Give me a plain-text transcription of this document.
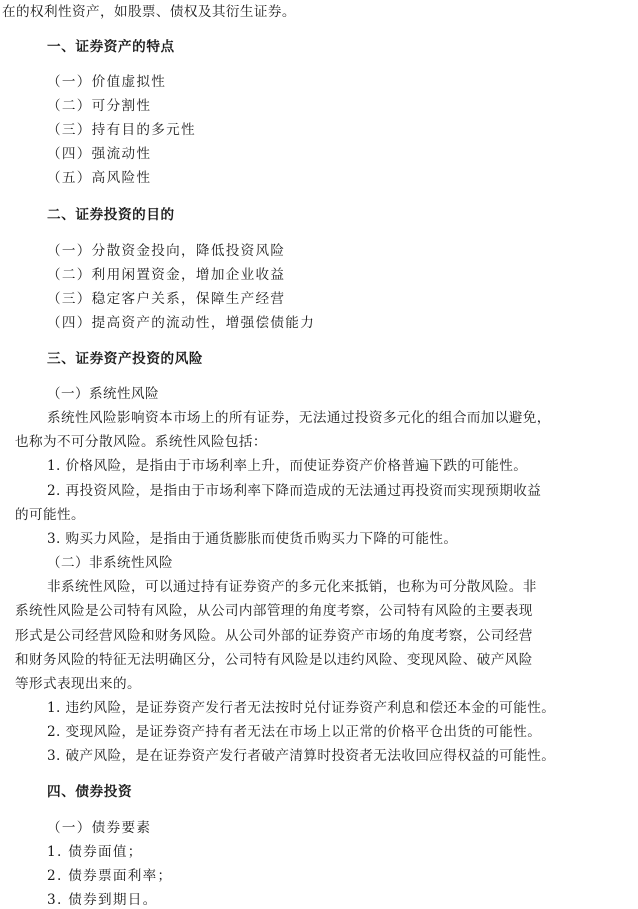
在的权利性资产，如股票、债权及其衍生证券。
一、证券资产的特点
（一）价值虚拟性
（二）可分割性
（三）持有目的多元性
（四）强流动性
（五）高风险性
二、证券投资的目的
（一）分散资金投向，降低投资风险
（二）利用闲置资金，增加企业收益
（三）稳定客户关系，保障生产经营
（四）提高资产的流动性，增强偿债能力
三、证券资产投资的风险
（一）系统性风险
系统性风险影响资本市场上的所有证券，无法通过投资多元化的组合而加以避免，
也称为不可分散风险。系统性风险包括：
1. 价格风险，是指由于市场利率上升，而使证券资产价格普遍下跌的可能性。
2. 再投资风险，是指由于市场利率下降而造成的无法通过再投资而实现预期收益
的可能性。
3. 购买力风险，是指由于通货膨胀而使货币购买力下降的可能性。
（二）非系统性风险
非系统性风险，可以通过持有证券资产的多元化来抵销，也称为可分散风险。非
系统性风险是公司特有风险，从公司内部管理的角度考察，公司特有风险的主要表现
形式是公司经营风险和财务风险。从公司外部的证券资产市场的角度考察，公司经营
和财务风险的特征无法明确区分，公司特有风险是以违约风险、变现风险、破产风险
等形式表现出来的。
1. 违约风险，是证券资产发行者无法按时兑付证券资产利息和偿还本金的可能性。
2. 变现风险，是证券资产持有者无法在市场上以正常的价格平仓出货的可能性。
3. 破产风险，是在证券资产发行者破产清算时投资者无法收回应得权益的可能性。
四、债券投资
（一）债券要素
1. 债券面值；
2. 债券票面利率；
3. 债券到期日。
